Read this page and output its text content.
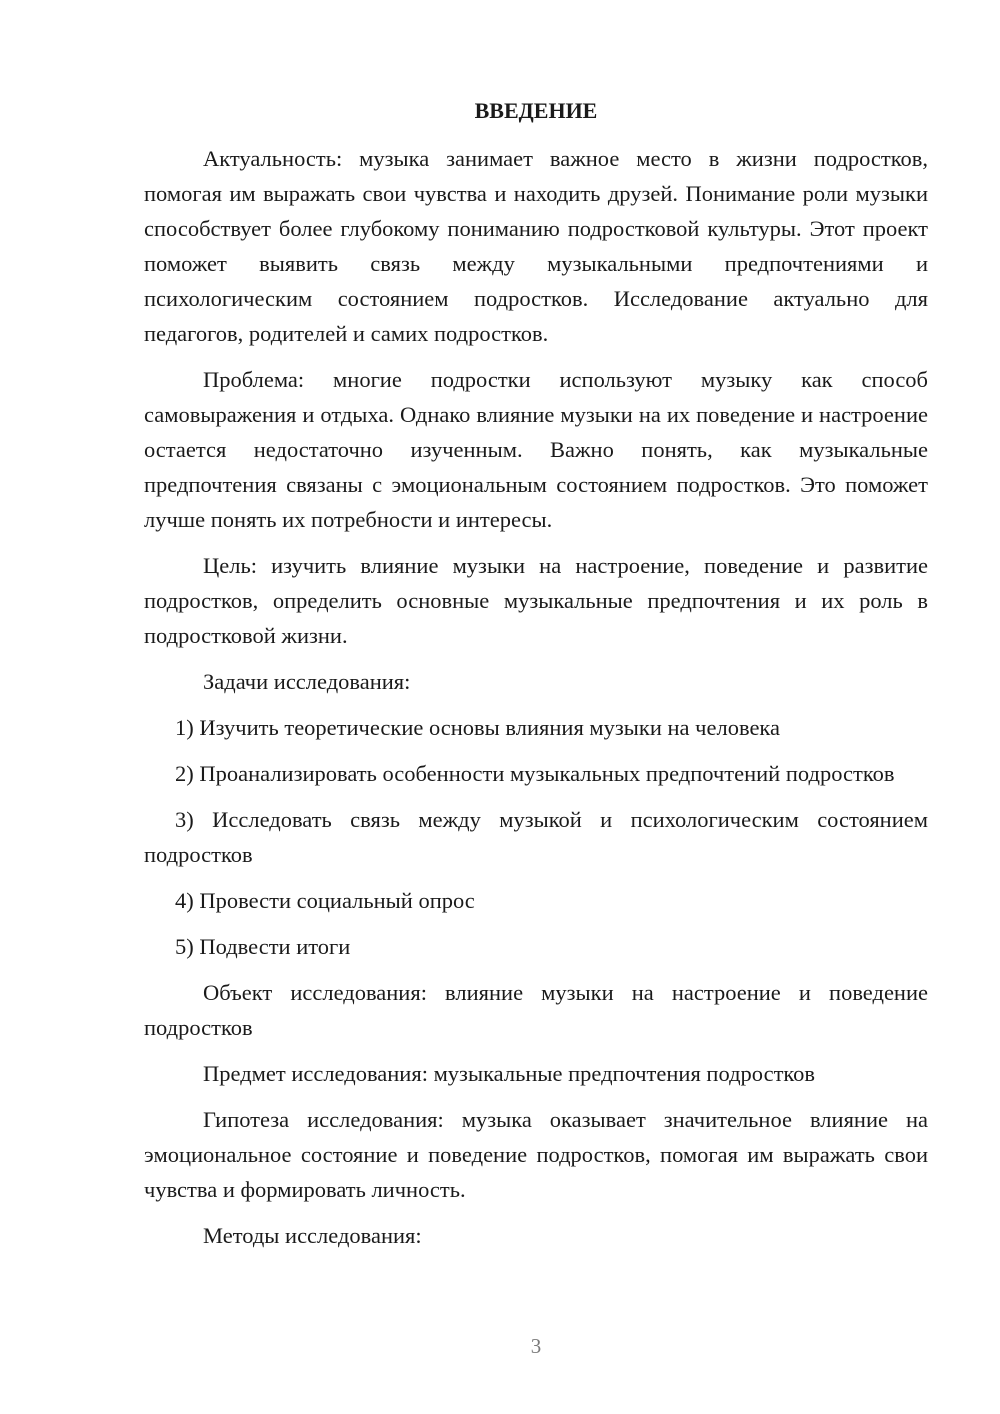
ВВЕДЕНИЕ

Актуальность: музыка занимает важное место в жизни подростков, помогая им выражать свои чувства и находить друзей. Понимание роли музыки способствует более глубокому пониманию подростковой культуры. Этот проект поможет выявить связь между музыкальными предпочтениями и психологическим состоянием подростков. Исследование актуально для педагогов, родителей и самих подростков.

Проблема: многие подростки используют музыку как способ самовыражения и отдыха. Однако влияние музыки на их поведение и настроение остается недостаточно изученным. Важно понять, как музыкальные предпочтения связаны с эмоциональным состоянием подростков. Это поможет лучше понять их потребности и интересы.

Цель: изучить влияние музыки на настроение, поведение и развитие подростков, определить основные музыкальные предпочтения и их роль в подростковой жизни.

Задачи исследования:

1) Изучить теоретические основы влияния музыки на человека

2) Проанализировать особенности музыкальных предпочтений подростков

3) Исследовать связь между музыкой и психологическим состоянием подростков

4) Провести социальный опрос

5) Подвести итоги

Объект исследования: влияние музыки на настроение и поведение подростков

Предмет исследования: музыкальные предпочтения подростков

Гипотеза исследования: музыка оказывает значительное влияние на эмоциональное состояние и поведение подростков, помогая им выражать свои чувства и формировать личность.

Методы исследования:

3
